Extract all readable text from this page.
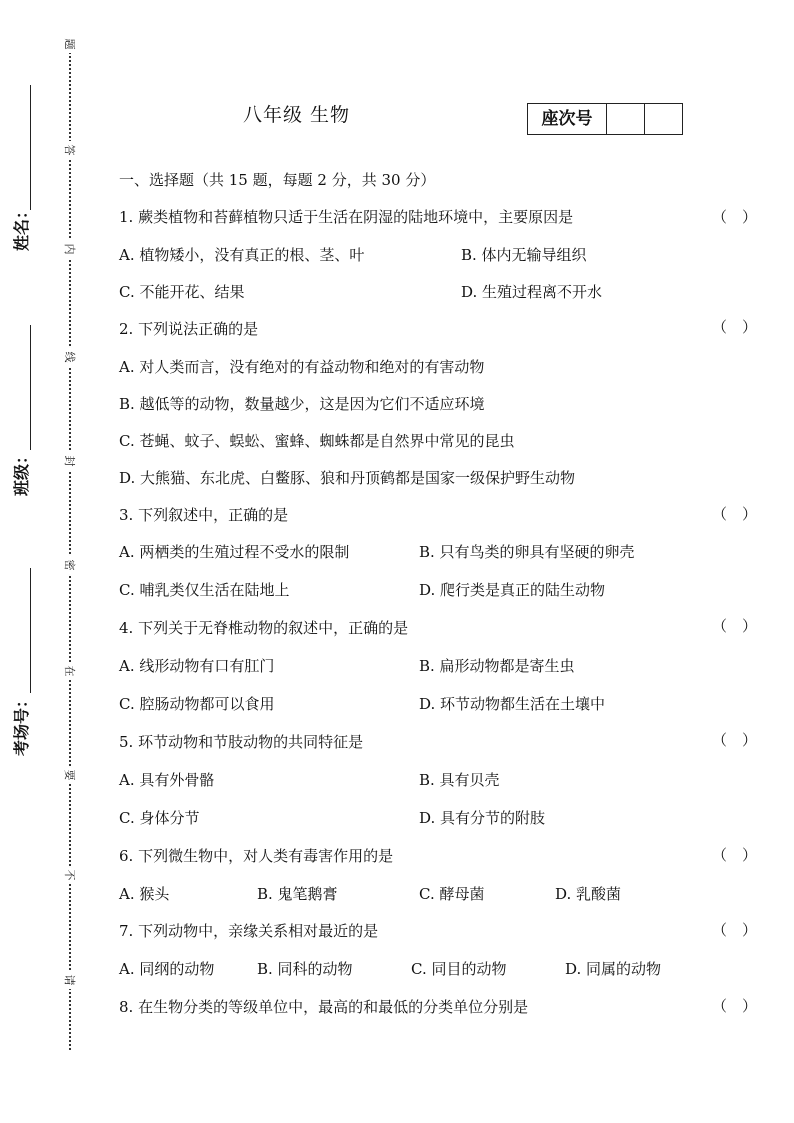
题
答
内
线
封
密
在
要
不
请
姓名：
班级：
考场号：
八年级 生物	座次号
一、选择题（共 15 题，每题 2 分，共 30 分）
1. 蕨类植物和苔藓植物只适于生活在阴湿的陆地环境中，主要原因是	（　）
A. 植物矮小，没有真正的根、茎、叶	B. 体内无输导组织
C. 不能开花、结果	D. 生殖过程离不开水
2. 下列说法正确的是	（　）
A. 对人类而言，没有绝对的有益动物和绝对的有害动物
B. 越低等的动物，数量越少，这是因为它们不适应环境
C. 苍蝇、蚊子、蜈蚣、蜜蜂、蜘蛛都是自然界中常见的昆虫
D. 大熊猫、东北虎、白鳖豚、狼和丹顶鹤都是国家一级保护野生动物
3. 下列叙述中，正确的是	（　）
A. 两栖类的生殖过程不受水的限制	B. 只有鸟类的卵具有坚硬的卵壳
C. 哺乳类仅生活在陆地上	D. 爬行类是真正的陆生动物
4. 下列关于无脊椎动物的叙述中，正确的是	（　）
A. 线形动物有口有肛门	B. 扁形动物都是寄生虫
C. 腔肠动物都可以食用	D. 环节动物都生活在土壤中
5. 环节动物和节肢动物的共同特征是	（　）
A. 具有外骨骼	B. 具有贝壳
C. 身体分节	D. 具有分节的附肢
6. 下列微生物中，对人类有毒害作用的是	（　）
A. 猴头	B. 鬼笔鹅膏	C. 酵母菌	D. 乳酸菌
7. 下列动物中，亲缘关系相对最近的是	（　）
A. 同纲的动物	B. 同科的动物	C. 同目的动物	D. 同属的动物
8. 在生物分类的等级单位中，最高的和最低的分类单位分别是	（　）
